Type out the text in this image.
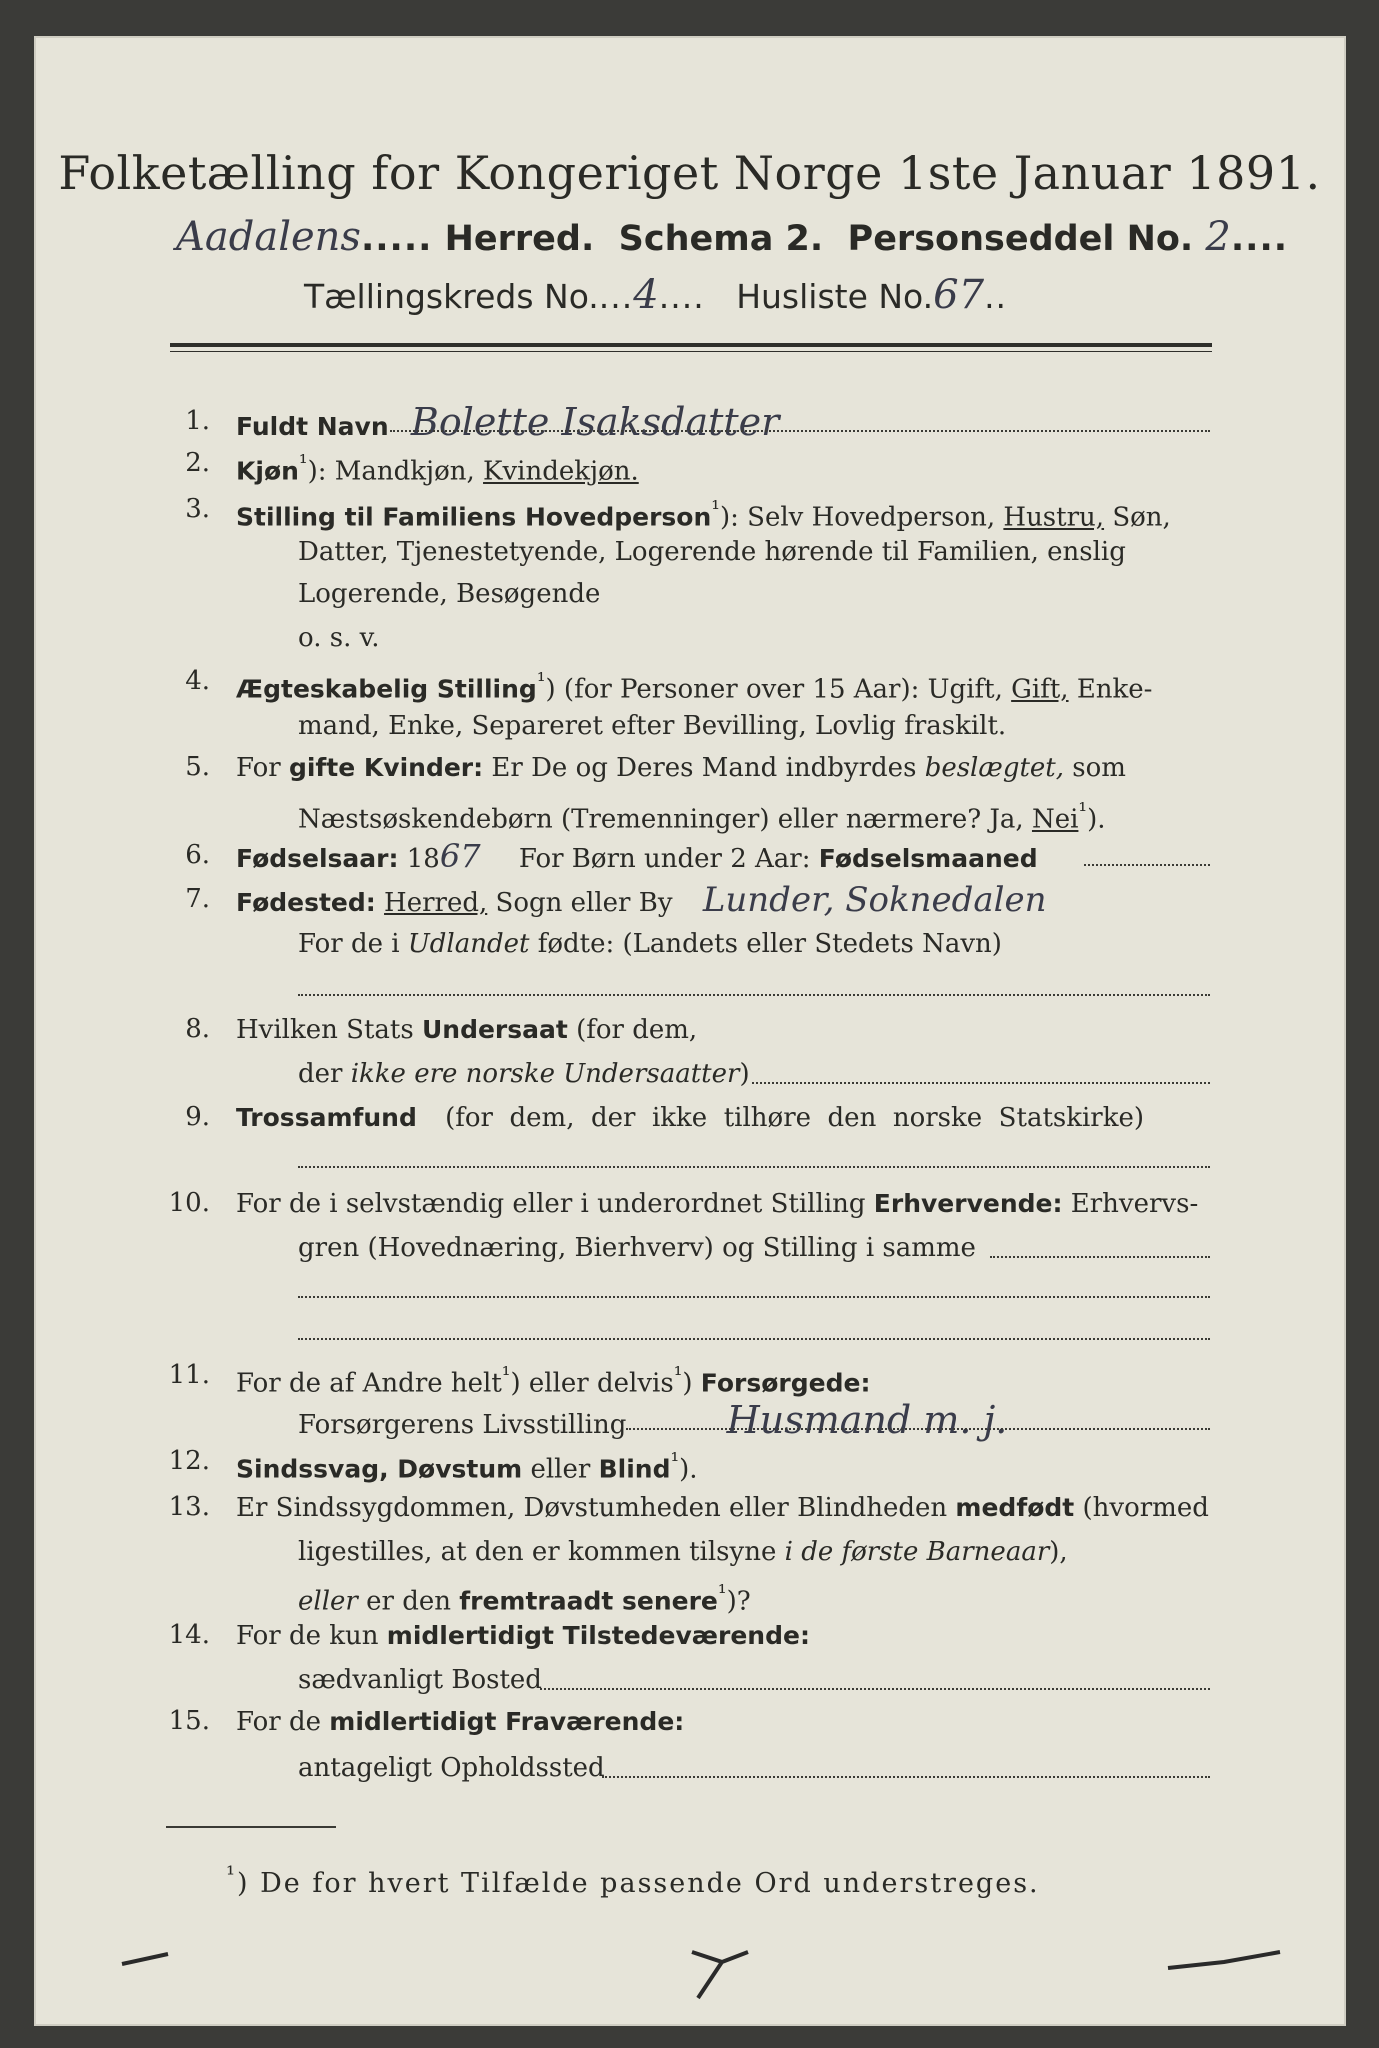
Folketælling for Kongeriget Norge 1ste Januar 1891.
Aadalens..... Herred. Schema 2. Personseddel No. 2....
Tællingskreds No....4.... Husliste No.67..
1. Fuldt Navn Bolette Isaksdatter
2. Kjøn$^{^1}$): Mandkjøn, Kvindekjøn.
3. Stilling til Familiens Hovedperson$^{^1}$): Selv Hovedperson, Hustru, Søn,
Datter, Tjenestetyende, Logerende hørende til Familien, enslig
Logerende, Besøgende
o. s. v.
4. Ægteskabelig Stilling$^{^1}$) (for Personer over 15 Aar): Ugift, Gift, Enke-
mand, Enke, Separeret efter Bevilling, Lovlig fraskilt.
5. For gifte Kvinder: Er De og Deres Mand indbyrdes beslægtet, som
Næstsøskendebørn (Tremenninger) eller nærmere? Ja, Nei$^{^1}$).
6. Fødselsaar: 1867 For Børn under 2 Aar: Fødselsmaaned
7. Fødested: Herred, Sogn eller By Lunder, Soknedalen
For de i Udlandet fødte: (Landets eller Stedets Navn)
8. Hvilken Stats Undersaat (for dem,
der ikke ere norske Undersaatter)
9. Trossamfund (for  dem,  der  ikke  tilhøre  den  norske  Statskirke)
10. For de i selvstændig eller i underordnet Stilling Erhvervende: Erhvervs-
gren (Hovednæring, Bierhverv) og Stilling i samme
11. For de af Andre helt$^{^1}$) eller delvis$^{^1}$) Forsørgede:
Forsørgerens Livsstilling	Husmand m. j.
12. Sindssvag, Døvstum eller Blind$^{^1}$).
13. Er Sindssygdommen, Døvstumheden eller Blindheden medfødt (hvormed
ligestilles, at den er kommen tilsyne i de første Barneaar),
eller er den fremtraadt senere$^{^1}$)?
14. For de kun midlertidigt Tilstedeværende:
sædvanligt Bosted
15. For de midlertidigt Fraværende:
antageligt Opholdssted
$^{^1}$) De for hvert Tilfælde passende Ord understreges.
